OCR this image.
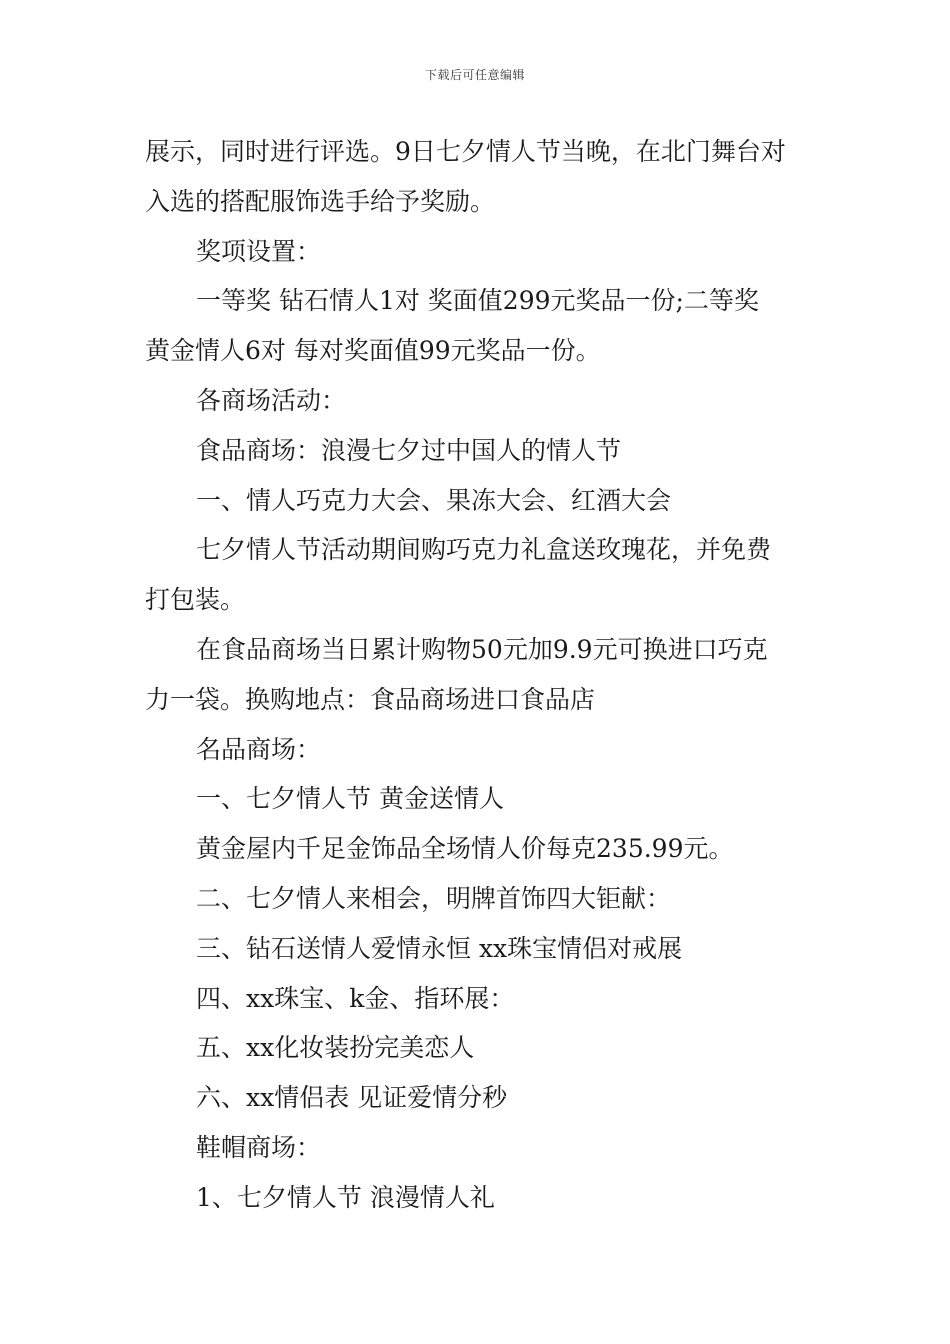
下载后可任意编辑

展示，同时进行评选。9日七夕情人节当晚，在北门舞台对

入选的搭配服饰选手给予奖励。

奖项设置：

一等奖 钻石情人1对 奖面值299元奖品一份;二等奖

黄金情人6对 每对奖面值99元奖品一份。

各商场活动：

食品商场：浪漫七夕过中国人的情人节

一、情人巧克力大会、果冻大会、红酒大会

七夕情人节活动期间购巧克力礼盒送玫瑰花，并免费

打包装。

在食品商场当日累计购物50元加9.9元可换进口巧克

力一袋。换购地点：食品商场进口食品店

名品商场：

一、七夕情人节 黄金送情人

黄金屋内千足金饰品全场情人价每克235.99元。

二、七夕情人来相会，明牌首饰四大钜献：

三、钻石送情人爱情永恒 xx珠宝情侣对戒展

四、xx珠宝、k金、指环展：

五、xx化妆装扮完美恋人

六、xx情侣表 见证爱情分秒

鞋帽商场：

1、七夕情人节 浪漫情人礼
